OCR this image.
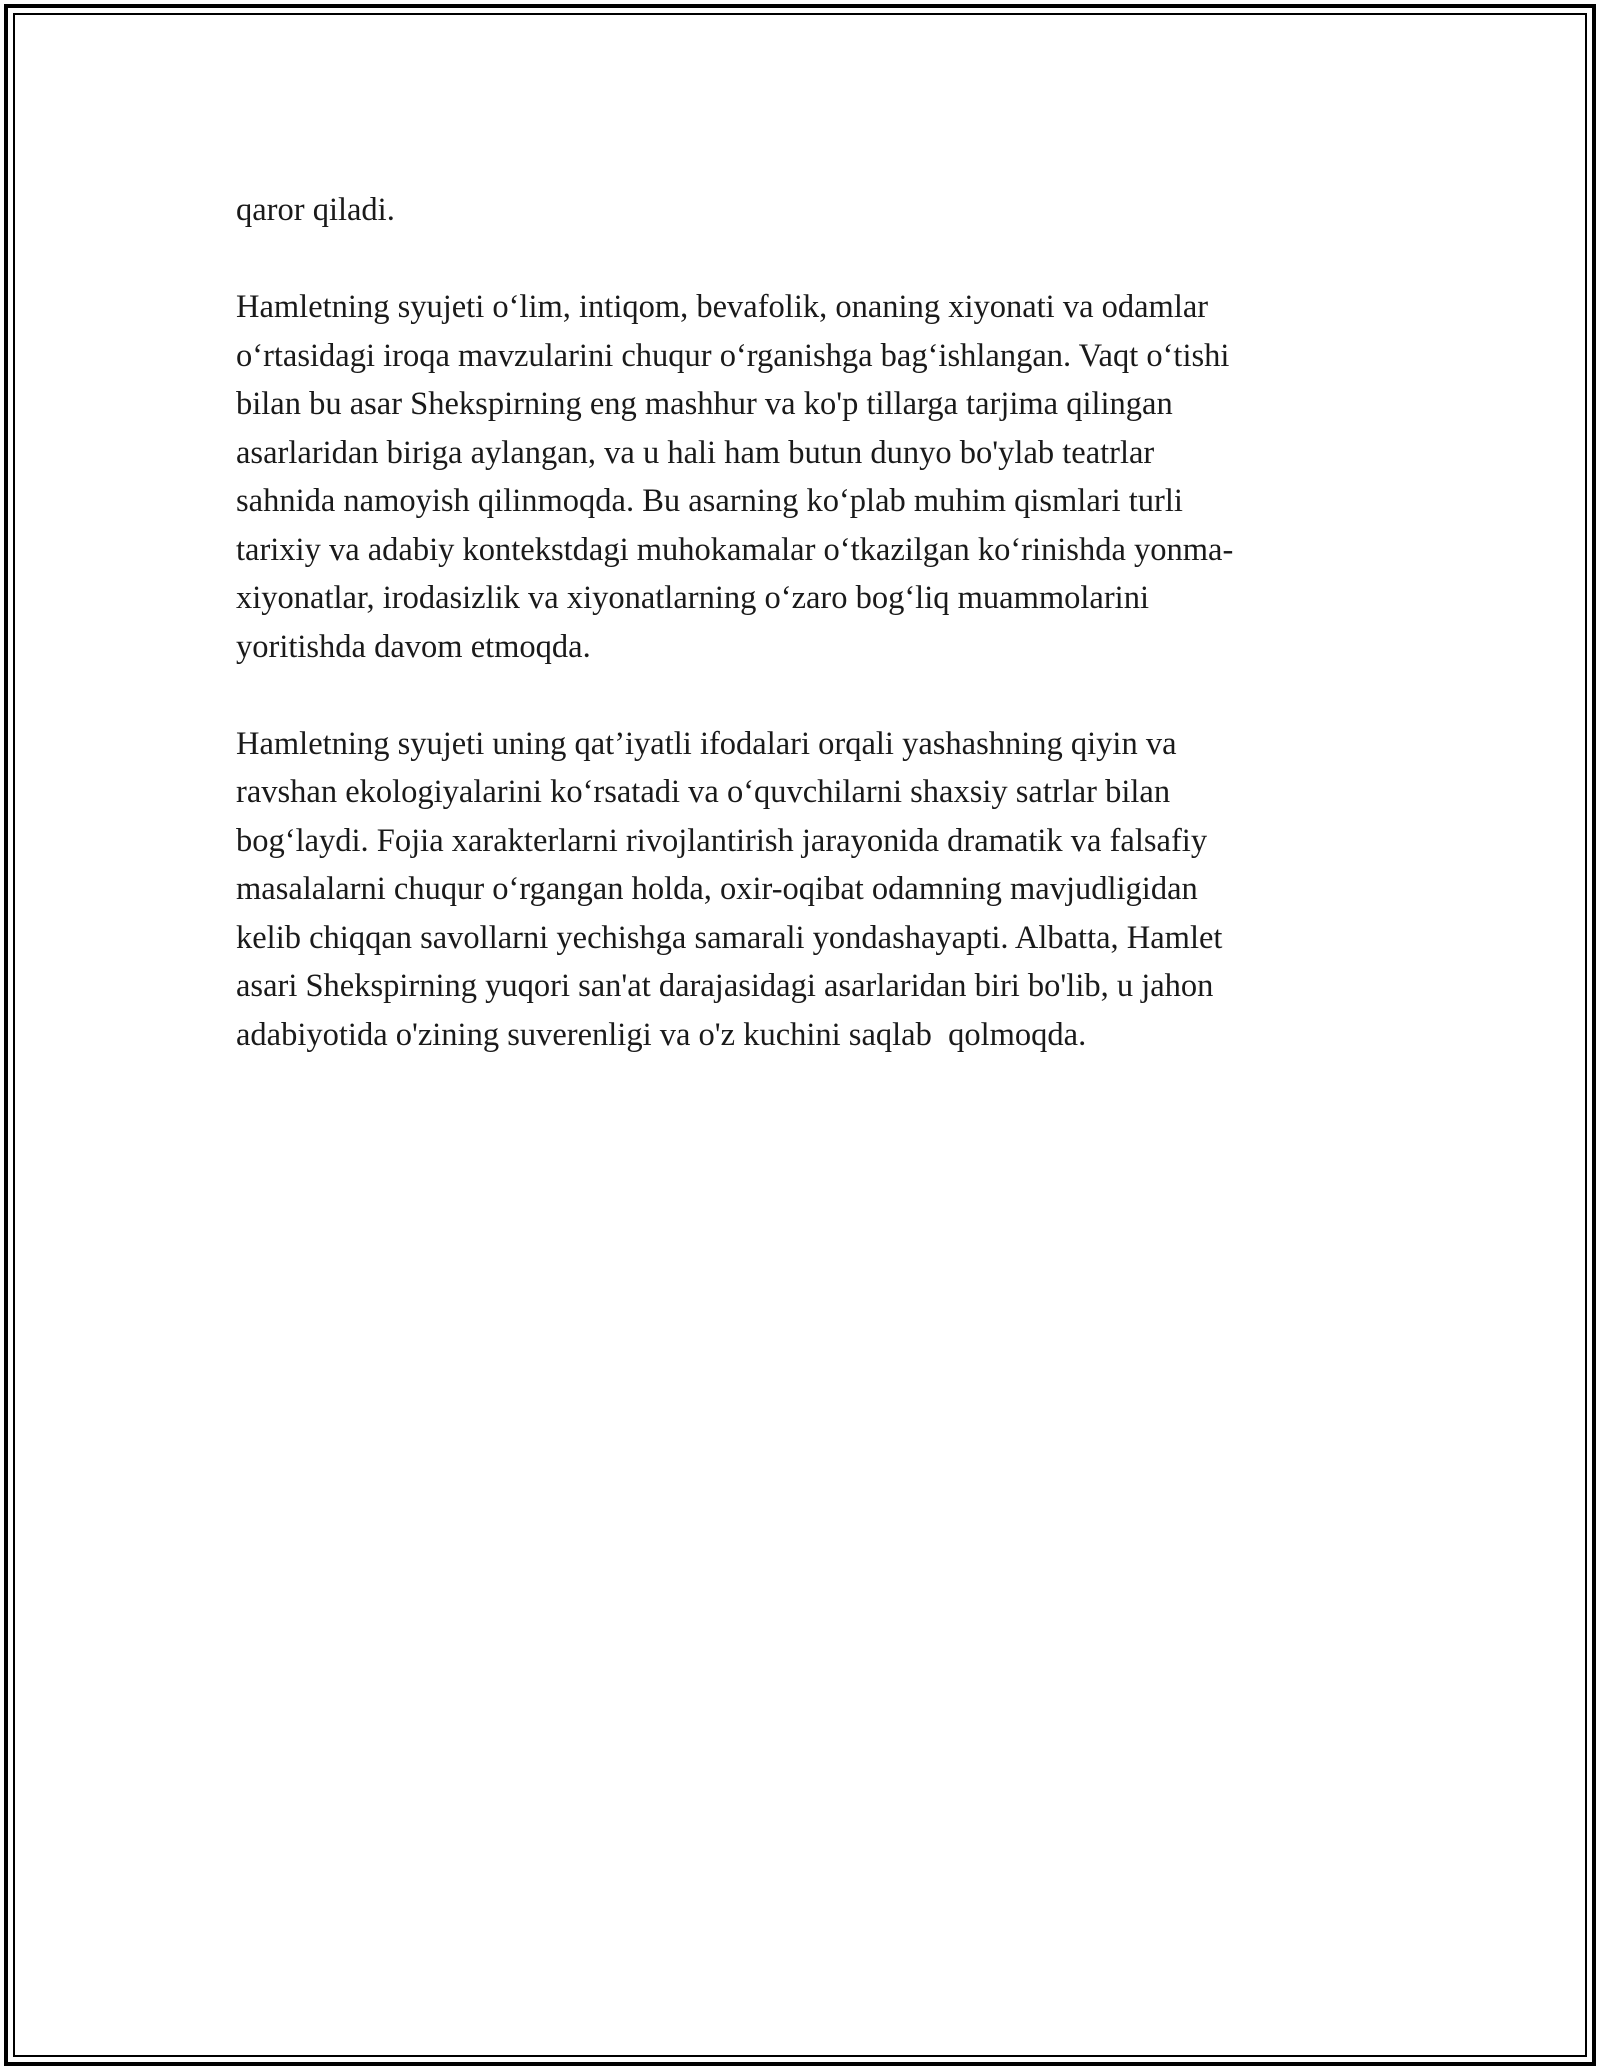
qaror qiladi.
Hamletning syujeti o‘lim, intiqom, bevafolik, onaning xiyonati va odamlar
o‘rtasidagi iroqa mavzularini chuqur o‘rganishga bag‘ishlangan. Vaqt o‘tishi
bilan bu asar Shekspirning eng mashhur va ko'p tillarga tarjima qilingan
asarlaridan biriga aylangan, va u hali ham butun dunyo bo'ylab teatrlar
sahnida namoyish qilinmoqda. Bu asarning ko‘plab muhim qismlari turli
tarixiy va adabiy kontekstdagi muhokamalar o‘tkazilgan ko‘rinishda yonma-
xiyonatlar, irodasizlik va xiyonatlarning o‘zaro bog‘liq muammolarini
yoritishda davom etmoqda.
Hamletning syujeti uning qat’iyatli ifodalari orqali yashashning qiyin va
ravshan ekologiyalarini ko‘rsatadi va o‘quvchilarni shaxsiy satrlar bilan
bog‘laydi. Fojia xarakterlarni rivojlantirish jarayonida dramatik va falsafiy
masalalarni chuqur o‘rgangan holda, oxir-oqibat odamning mavjudligidan
kelib chiqqan savollarni yechishga samarali yondashayapti. Albatta, Hamlet
asari Shekspirning yuqori san'at darajasidagi asarlaridan biri bo'lib, u jahon
adabiyotida o'zining suverenligi va o'z kuchini saqlab  qolmoqda.
